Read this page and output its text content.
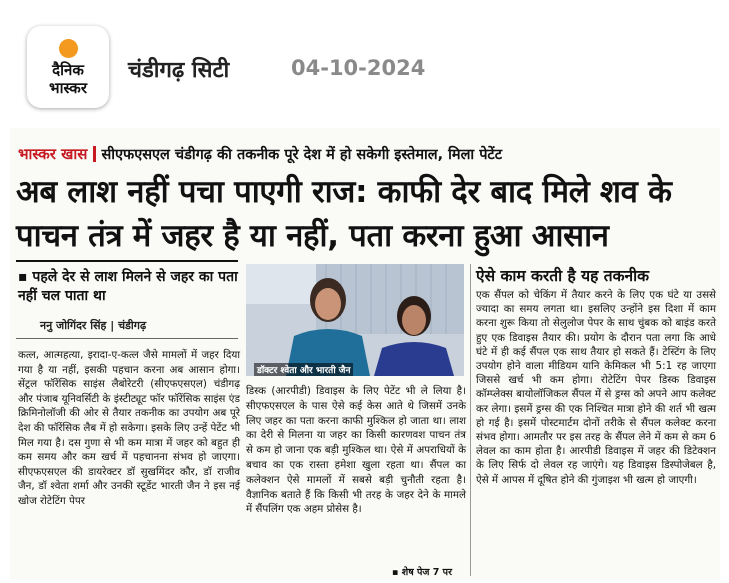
दैनिक
भास्कर
चंडीगढ़ सिटी	04-10-2024
भास्कर खास सीएफएसएल चंडीगढ़ की तकनीक पूरे देश में हो सकेगी इस्तेमाल, मिला पेटेंट
अब लाश नहीं पचा पाएगी राज: काफी देर बाद मिले शव के पाचन तंत्र में जहर है या नहीं, पता करना हुआ आसान
▪ पहले देर से लाश मिलने से जहर का पता नहीं चल पाता था
ननु जोगिंदर सिंह | चंडीगढ़
कत्ल, आत्महत्या, इरादा-ए-कत्ल जैसे मामलों में जहर दिया गया है या नहीं, इसकी पहचान करना अब आसान होगा। सेंट्रल फॉरेंसिक साइंस लैबोरेटरी (सीएफएसएल) चंडीगढ़ और पंजाब यूनिवर्सिटी के इंस्टीट्यूट फॉर फॉरेंसिक साइंस एंड क्रिमिनोलॉजी की ओर से तैयार तकनीक का उपयोग अब पूरे देश की फॉरेंसिक लैब में हो सकेगा। इसके लिए उन्हें पेटेंट भी मिल गया है। दस गुणा से भी कम मात्रा में जहर को बहुत ही कम समय और कम खर्च में पहचानना संभव हो जाएगा। सीएफएसएल की डायरेक्टर डॉ सुखमिंदर कौर, डॉ राजीव जैन, डॉ श्वेता शर्मा और उनकी स्टूडेंट भारती जैन ने इस नई खोज रोटेटिंग पेपर
डॉक्टर श्वेता और भारती जैन
डिस्क (आरपीडी) डिवाइस के लिए पेटेंट भी ले लिया है। सीएफएसएल के पास ऐसे कई केस आते थे जिसमें उनके लिए जहर का पता करना काफी मुश्किल हो जाता था। लाश का देरी से मिलना या जहर का किसी कारणवश पाचन तंत्र से कम हो जाना एक बड़ी मुश्किल था। ऐसे में अपराधियों के बचाव का एक रास्ता हमेशा खुला रहता था। सैंपल का कलेक्शन ऐसे मामलों में सबसे बड़ी चुनौती रहता है। वैज्ञानिक बताते हैं कि किसी भी तरह के जहर देने के मामले में सैंपलिंग एक अहम प्रोसेस है।
▪ शेष पेज 7 पर
ऐसे काम करती है यह तकनीक
एक सैंपल को चेकिंग में तैयार करने के लिए एक घंटे या उससे ज्यादा का समय लगता था। इसलिए उन्होंने इस दिशा में काम करना शुरू किया तो सेलुलोज पेपर के साथ चुंबक को बाइंड करते हुए एक डिवाइस तैयार की। प्रयोग के दौरान पता लगा कि आधे घंटे में ही कई सैंपल एक साथ तैयार हो सकते हैं। टेस्टिंग के लिए उपयोग होने वाला मीडियम यानि केमिकल भी 5:1 रह जाएगा जिससे खर्च भी कम होगा। रोटेटिंग पेपर डिस्क डिवाइस कॉम्प्लेक्स बायोलॉजिकल सैंपल में से ड्रग्स को अपने आप कलेक्ट कर लेगा। इसमें ड्रग्स की एक निश्चित मात्रा होने की शर्त भी खत्म हो गई है। इसमें पोस्टमार्टम दोनों तरीके से सैंपल कलेक्ट करना संभव होगा। आमतौर पर इस तरह के सैंपल लेने में कम से कम 6 लेवल का काम होता है। आरपीडी डिवाइस में जहर की डिटेक्शन के लिए सिर्फ दो लेवल रह जाएंगे। यह डिवाइस डिस्पोजेबल है, ऐसे में आपस में दूषित होने की गुंजाइश भी खत्म हो जाएगी।
